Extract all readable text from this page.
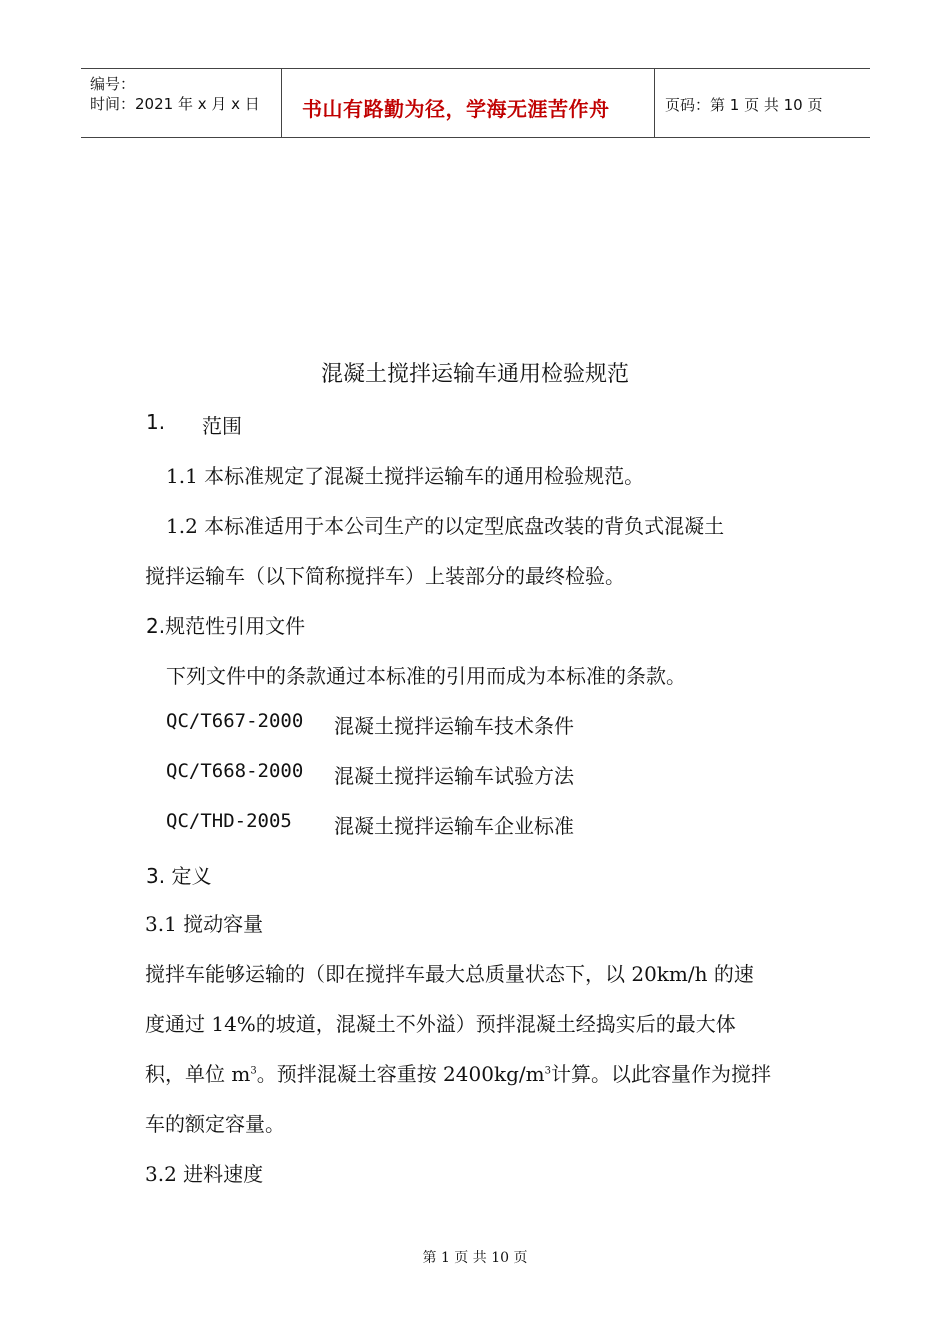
编号：
时间：2021 年 x 月 x 日 书山有路勤为径，学海无涯苦作舟	页码：第 1 页 共 10 页
混凝土搅拌运输车通用检验规范
1. 范围
1.1 本标准规定了混凝土搅拌运输车的通用检验规范。
1.2 本标准适用于本公司生产的以定型底盘改装的背负式混凝土
搅拌运输车（以下简称搅拌车）上装部分的最终检验。
2.规范性引用文件
下列文件中的条款通过本标准的引用而成为本标准的条款。
QC/T667-2000 混凝土搅拌运输车技术条件
QC/T668-2000 混凝土搅拌运输车试验方法
QC/THD-2005 混凝土搅拌运输车企业标准
3. 定义
3.1 搅动容量
搅拌车能够运输的（即在搅拌车最大总质量状态下，以 20km/h 的速
度通过 14%的坡道，混凝土不外溢）预拌混凝土经捣实后的最大体
积，单位 $m^3$。预拌混凝土容重按 $2400kg/m^3$计算。以此容量作为搅拌
车的额定容量。
3.2 进料速度
第 1 页 共 10 页
